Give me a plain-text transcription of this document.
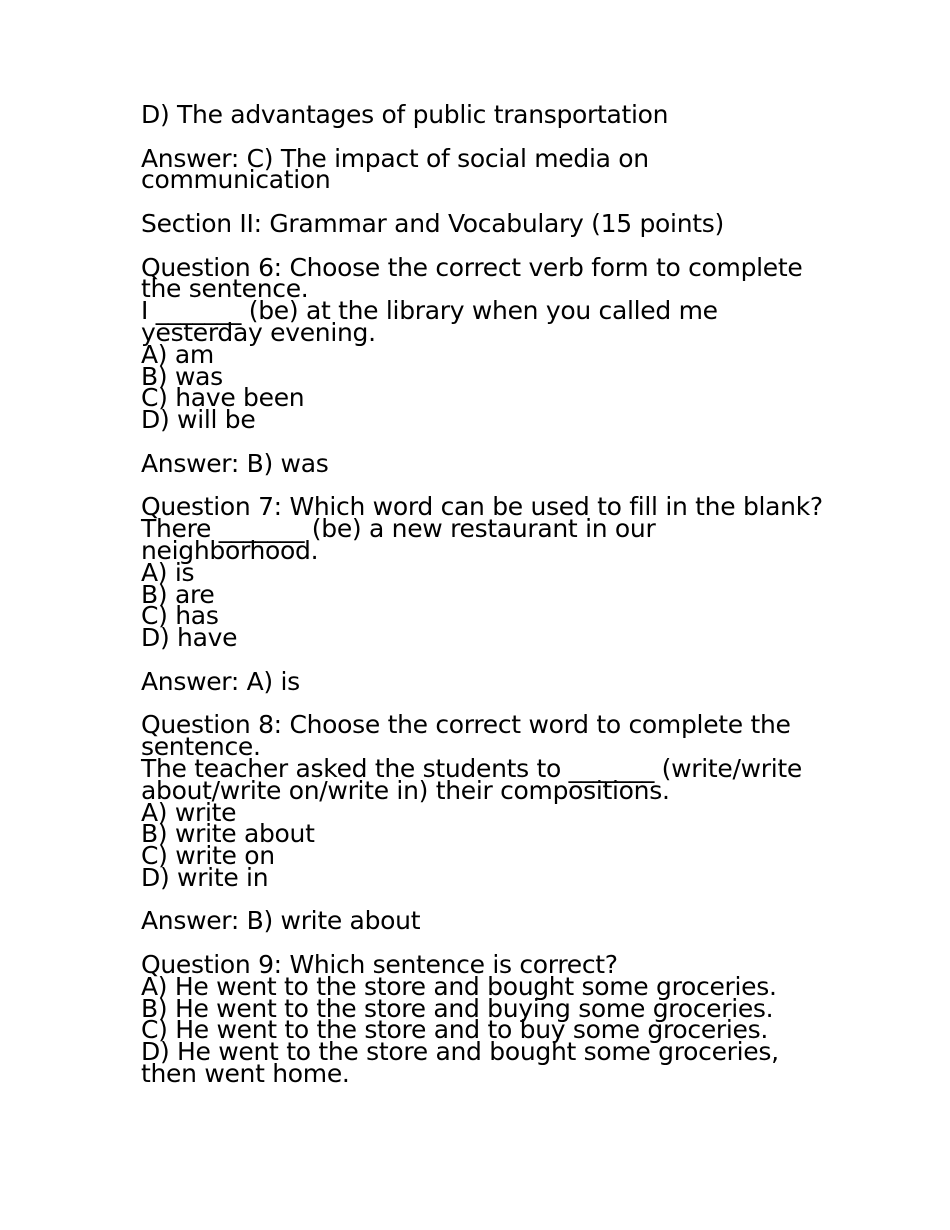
D) The advantages of public transportation
Answer: C) The impact of social media on
communication
Section II: Grammar and Vocabulary (15 points)
Question 6: Choose the correct verb form to complete
the sentence.
I _______ (be) at the library when you called me
yesterday evening.
A) am
B) was
C) have been
D) will be
Answer: B) was
Question 7: Which word can be used to fill in the blank?
There _______ (be) a new restaurant in our
neighborhood.
A) is
B) are
C) has
D) have
Answer: A) is
Question 8: Choose the correct word to complete the
sentence.
The teacher asked the students to _______ (write/write
about/write on/write in) their compositions.
A) write
B) write about
C) write on
D) write in
Answer: B) write about
Question 9: Which sentence is correct?
A) He went to the store and bought some groceries.
B) He went to the store and buying some groceries.
C) He went to the store and to buy some groceries.
D) He went to the store and bought some groceries,
then went home.
